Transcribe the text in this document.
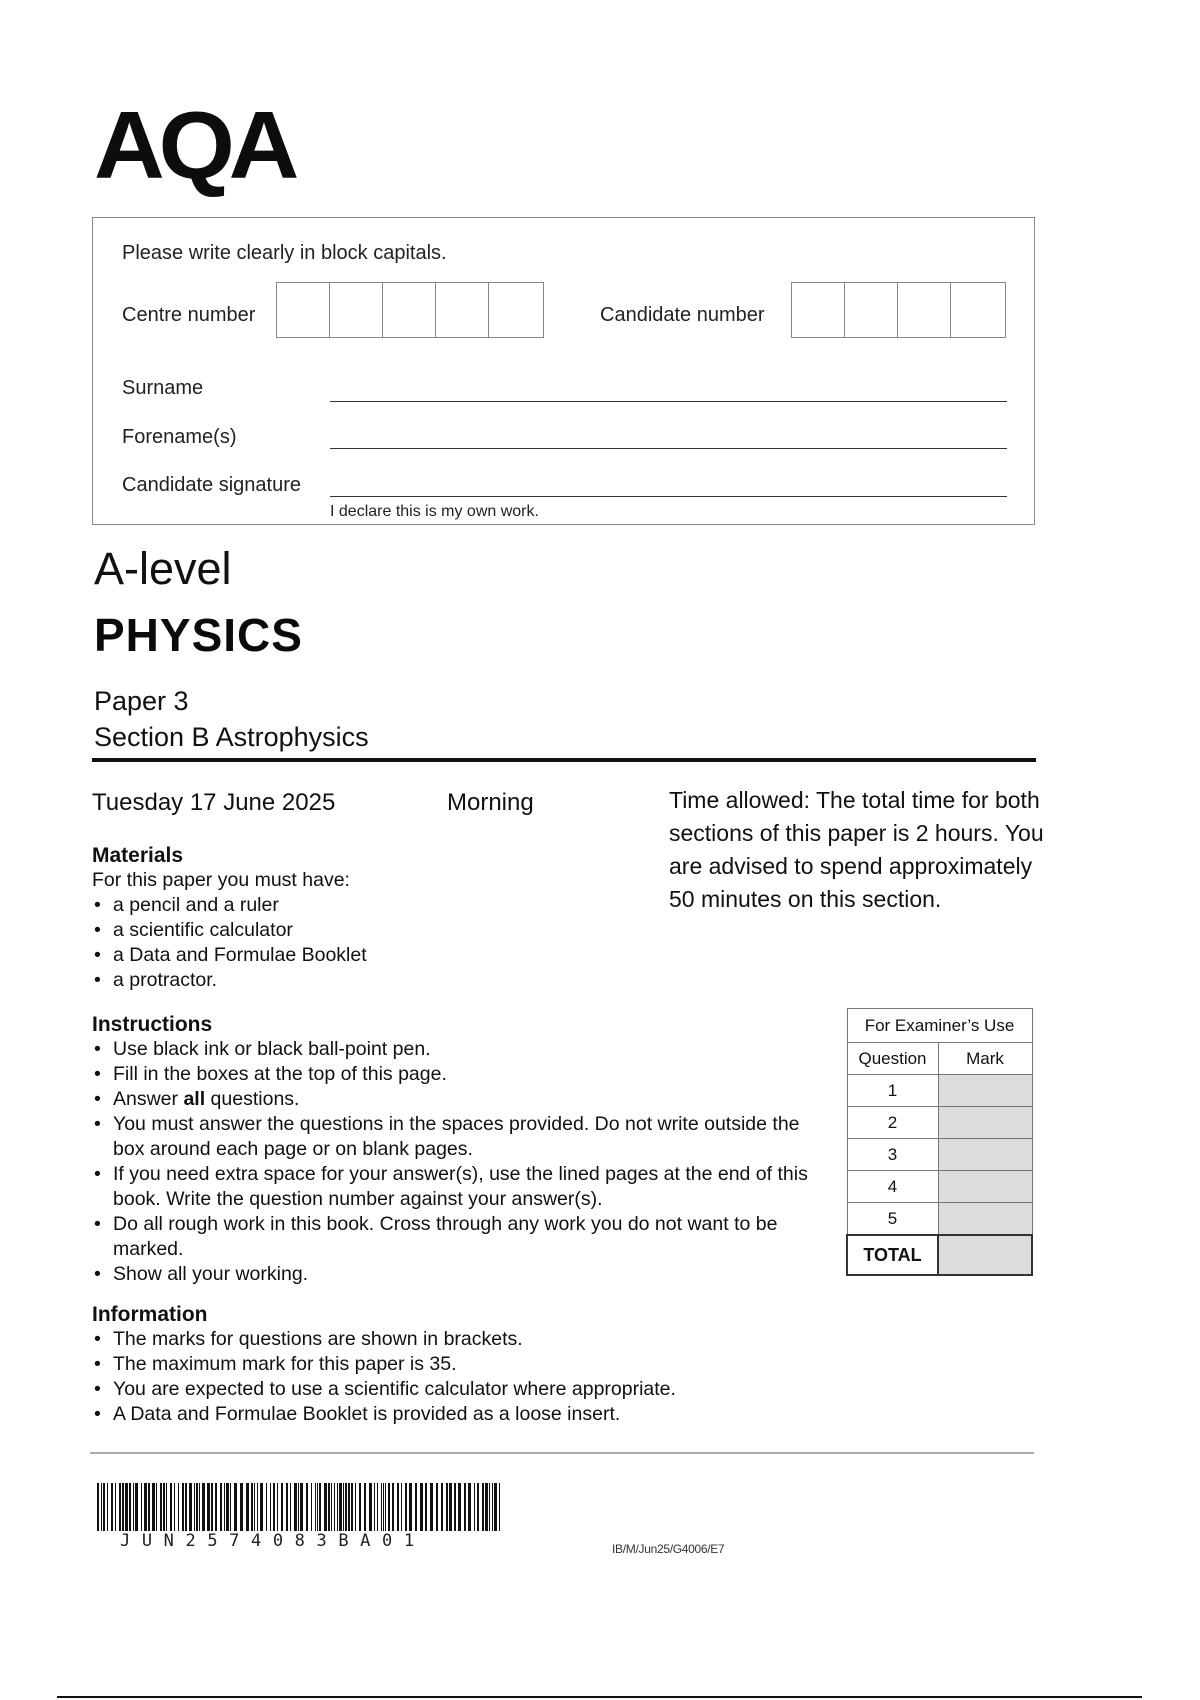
AQA
Please write clearly in block capitals.
Centre number	Candidate number
Surname
Forename(s)
Candidate signature
I declare this is my own work.
A-level
PHYSICS
Paper 3
Section B Astrophysics
Tuesday 17 June 2025	Morning	Time allowed: The total time for both sections of this paper is 2 hours. You are advised to spend approximately 50 minutes on this section.
Materials

For this paper you must have:

• a pencil and a ruler
• a scientific calculator
• a Data and Formulae Booklet
• a protractor.
Instructions
• Use black ink or black ball-point pen.
• Fill in the boxes at the top of this page.
• Answer all questions.
• You must answer the questions in the spaces provided. Do not write outside the box around each page or on blank pages.
• If you need extra space for your answer(s), use the lined pages at the end of this book. Write the question number against your answer(s).
• Do all rough work in this book. Cross through any work you do not want to be marked.
• Show all your working.
Information
• The marks for questions are shown in brackets.
• The maximum mark for this paper is 35.
• You are expected to use a scientific calculator where appropriate.
• A Data and Formulae Booklet is provided as a loose insert.
For Examiner’s Use	
Question	Mark
1	
2	
3	
4	
5	
TOTAL	
JUN2574083BA01	IB/M/Jun25/G4006/E7
